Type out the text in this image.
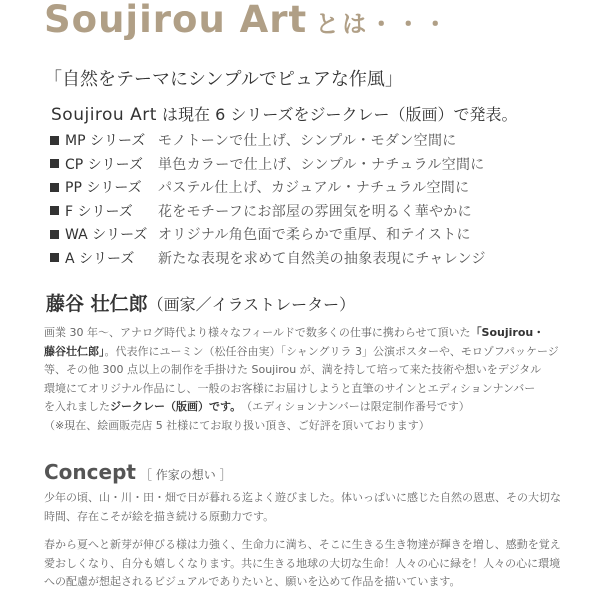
Soujirou Art とは・・・
「自然をテーマにシンプルでピュアな作風」
Soujirou Art は現在 6 シリーズをジークレー（版画）で発表。
MP シリーズ モノトーンで仕上げ、シンプル・モダン空間に
CP シリーズ 単色カラーで仕上げ、シンプル・ナチュラル空間に
PP シリーズ パステル仕上げ、カジュアル・ナチュラル空間に
F シリーズ 花をモチーフにお部屋の雰囲気を明るく華やかに
WA シリーズ オリジナル角色面で柔らかで重厚、和テイストに
A シリーズ 新たな表現を求めて自然美の抽象表現にチャレンジ
藤谷 壮仁郎（画家／イラストレーター）

画業 30 年～、アナログ時代より様々なフィールドで数多くの仕事に携わらせて頂いた「Soujirou・

藤谷壮仁郎」。代表作にユーミン（松任谷由実）「シャングリラ 3」公演ポスターや、モロゾフパッケージ

等、その他 300 点以上の制作を手掛けた Soujirou が、満を持して培って来た技術や想いをデジタル

環境にてオリジナル作品にし、一般のお客様にお届けしようと直筆のサインとエディションナンバー

を入れましたジークレー（版画）です。　 （エディションナンバーは限定制作番号です）

（※現在、絵画販売店 5 社様にてお取り扱い頂き、ご好評を頂いております）

Concept ［ 作家の想い ］

少年の頃、山・川・田・畑で日が暮れる迄よく遊びました。体いっぱいに感じた自然の恩恵、その大切な

時間、存在こそが絵を描き続ける原動力です。

春から夏へと新芽が伸びる様は力強く、生命力に満ち、そこに生きる生き物達が輝きを増し、感動を覚え

愛おしくなり、自分も嬉しくなります。共に生きる地球の大切な生命！人々の心に緑を！人々の心に環境

への配慮が想起されるビジュアルでありたいと、願いを込めて作品を描いています。
